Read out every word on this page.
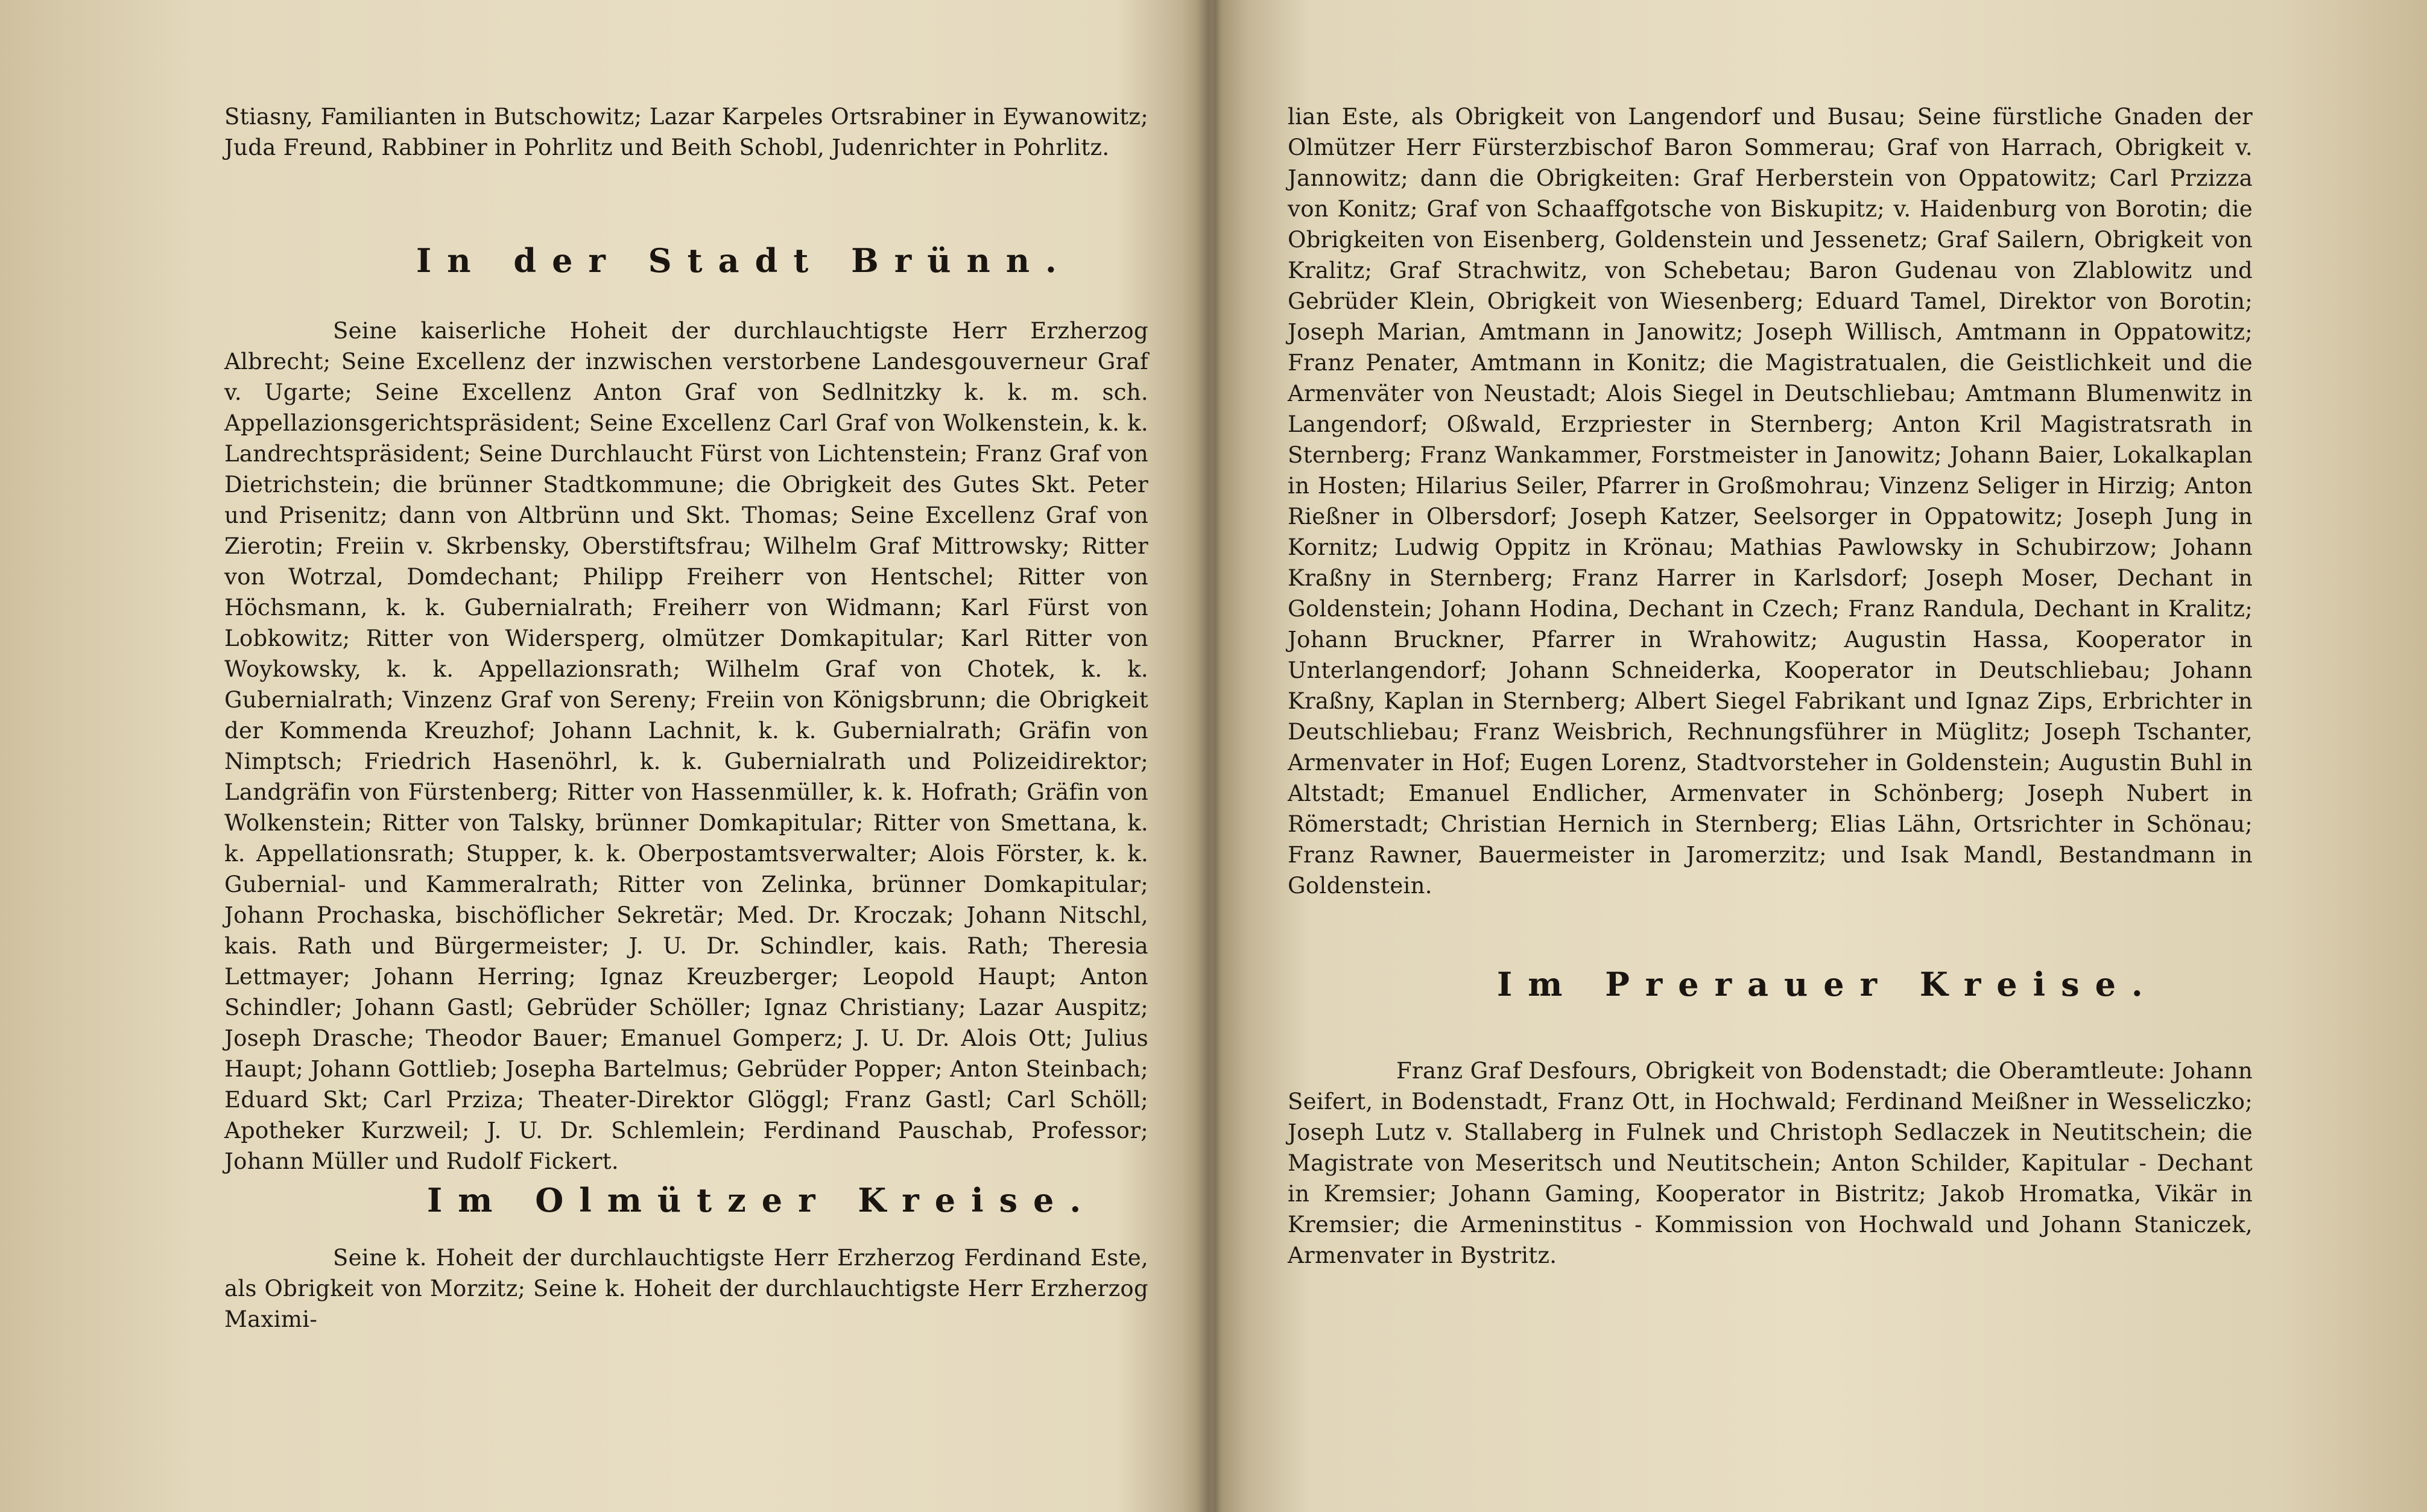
Stiasny, Familianten in Butschowitz; Lazar Karpeles Ortsrabiner in Eywanowitz; Juda Freund, Rabbiner in Pohrlitz und Beith Schobl, Judenrichter in Pohrlitz.

In der Stadt Brünn.

Seine kaiserliche Hoheit der durchlauchtigste Herr Erzherzog Albrecht; Seine Excellenz der inzwischen verstorbene Landesgouverneur Graf v. Ugarte; Seine Excellenz Anton Graf von Sedlnitzky k. k. m. sch. Appellazionsgerichtspräsident; Seine Excellenz Carl Graf von Wolkenstein, k. k. Landrechtspräsident; Seine Durchlaucht Fürst von Lichtenstein; Franz Graf von Dietrichstein; die brünner Stadtkommune; die Obrigkeit des Gutes Skt. Peter und Prisenitz; dann von Altbrünn und Skt. Thomas; Seine Excellenz Graf von Zierotin; Freiin v. Skrbensky, Oberstiftsfrau; Wilhelm Graf Mittrowsky; Ritter von Wotrzal, Domdechant; Philipp Freiherr von Hentschel; Ritter von Höchsmann, k. k. Gubernialrath; Freiherr von Widmann; Karl Fürst von Lobkowitz; Ritter von Widersperg, olmützer Domkapitular; Karl Ritter von Woykowsky, k. k. Appellazionsrath; Wilhelm Graf von Chotek, k. k. Gubernialrath; Vinzenz Graf von Sereny; Freiin von Königsbrunn; die Obrigkeit der Kommenda Kreuzhof; Johann Lachnit, k. k. Gubernialrath; Gräfin von Nimptsch; Friedrich Hasenöhrl, k. k. Gubernialrath und Polizeidirektor; Landgräfin von Fürstenberg; Ritter von Hassenmüller, k. k. Hofrath; Gräfin von Wolkenstein; Ritter von Talsky, brünner Domkapitular; Ritter von Smettana, k. k. Appellationsrath; Stupper, k. k. Oberpostamtsverwalter; Alois Förster, k. k. Gubernial- und Kammeralrath; Ritter von Zelinka, brünner Domkapitular; Johann Prochaska, bischöflicher Sekretär; Med. Dr. Kroczak; Johann Nitschl, kais. Rath und Bürgermeister; J. U. Dr. Schindler, kais. Rath; Theresia Lettmayer; Johann Herring; Ignaz Kreuzberger; Leopold Haupt; Anton Schindler; Johann Gastl; Gebrüder Schöller; Ignaz Christiany; Lazar Auspitz; Joseph Drasche; Theodor Bauer; Emanuel Gomperz; J. U. Dr. Alois Ott; Julius Haupt; Johann Gottlieb; Josepha Bartelmus; Gebrüder Popper; Anton Steinbach; Eduard Skt; Carl Prziza; Theater-Direktor Glöggl; Franz Gastl; Carl Schöll; Apotheker Kurzweil; J. U. Dr. Schlemlein; Ferdinand Pauschab, Professor; Johann Müller und Rudolf Fickert.

Im Olmützer Kreise.

Seine k. Hoheit der durchlauchtigste Herr Erzherzog Ferdinand Este, als Obrigkeit von Morzitz; Seine k. Hoheit der durchlauchtigste Herr Erzherzog Maximi-

lian Este, als Obrigkeit von Langendorf und Busau; Seine fürstliche Gnaden der Olmützer Herr Fürsterzbischof Baron Sommerau; Graf von Harrach, Obrigkeit v. Jannowitz; dann die Obrigkeiten: Graf Herberstein von Oppatowitz; Carl Przizza von Konitz; Graf von Schaaffgotsche von Biskupitz; v. Haidenburg von Borotin; die Obrigkeiten von Eisenberg, Goldenstein und Jessenetz; Graf Sailern, Obrigkeit von Kralitz; Graf Strachwitz, von Schebetau; Baron Gudenau von Zlablowitz und Gebrüder Klein, Obrigkeit von Wiesenberg; Eduard Tamel, Direktor von Borotin; Joseph Marian, Amtmann in Janowitz; Joseph Willisch, Amtmann in Oppatowitz; Franz Penater, Amtmann in Konitz; die Magistratualen, die Geistlichkeit und die Armenväter von Neustadt; Alois Siegel in Deutschliebau; Amtmann Blumenwitz in Langendorf; Oßwald, Erzpriester in Sternberg; Anton Kril Magistratsrath in Sternberg; Franz Wankammer, Forstmeister in Janowitz; Johann Baier, Lokalkaplan in Hosten; Hilarius Seiler, Pfarrer in Großmohrau; Vinzenz Seliger in Hirzig; Anton Rießner in Olbersdorf; Joseph Katzer, Seelsorger in Oppatowitz; Joseph Jung in Kornitz; Ludwig Oppitz in Krönau; Mathias Pawlowsky in Schubirzow; Johann Kraßny in Sternberg; Franz Harrer in Karlsdorf; Joseph Moser, Dechant in Goldenstein; Johann Hodina, Dechant in Czech; Franz Randula, Dechant in Kralitz; Johann Bruckner, Pfarrer in Wrahowitz; Augustin Hassa, Kooperator in Unterlangendorf; Johann Schneiderka, Kooperator in Deutschliebau; Johann Kraßny, Kaplan in Sternberg; Albert Siegel Fabrikant und Ignaz Zips, Erbrichter in Deutschliebau; Franz Weisbrich, Rechnungsführer in Müglitz; Joseph Tschanter, Armenvater in Hof; Eugen Lorenz, Stadtvorsteher in Goldenstein; Augustin Buhl in Altstadt; Emanuel Endlicher, Armenvater in Schönberg; Joseph Nubert in Römerstadt; Christian Hernich in Sternberg; Elias Lähn, Ortsrichter in Schönau; Franz Rawner, Bauermeister in Jaromerzitz; und Isak Mandl, Bestandmann in Goldenstein.

Im Prerauer Kreise.

Franz Graf Desfours, Obrigkeit von Bodenstadt; die Oberamtleute: Johann Seifert, in Bodenstadt, Franz Ott, in Hochwald; Ferdinand Meißner in Wesseliczko; Joseph Lutz v. Stallaberg in Fulnek und Christoph Sedlaczek in Neutitschein; die Magistrate von Meseritsch und Neutitschein; Anton Schilder, Kapitular - Dechant in Kremsier; Johann Gaming, Kooperator in Bistritz; Jakob Hromatka, Vikär in Kremsier; die Armeninstitus - Kommission von Hochwald und Johann Staniczek, Armenvater in Bystritz.
